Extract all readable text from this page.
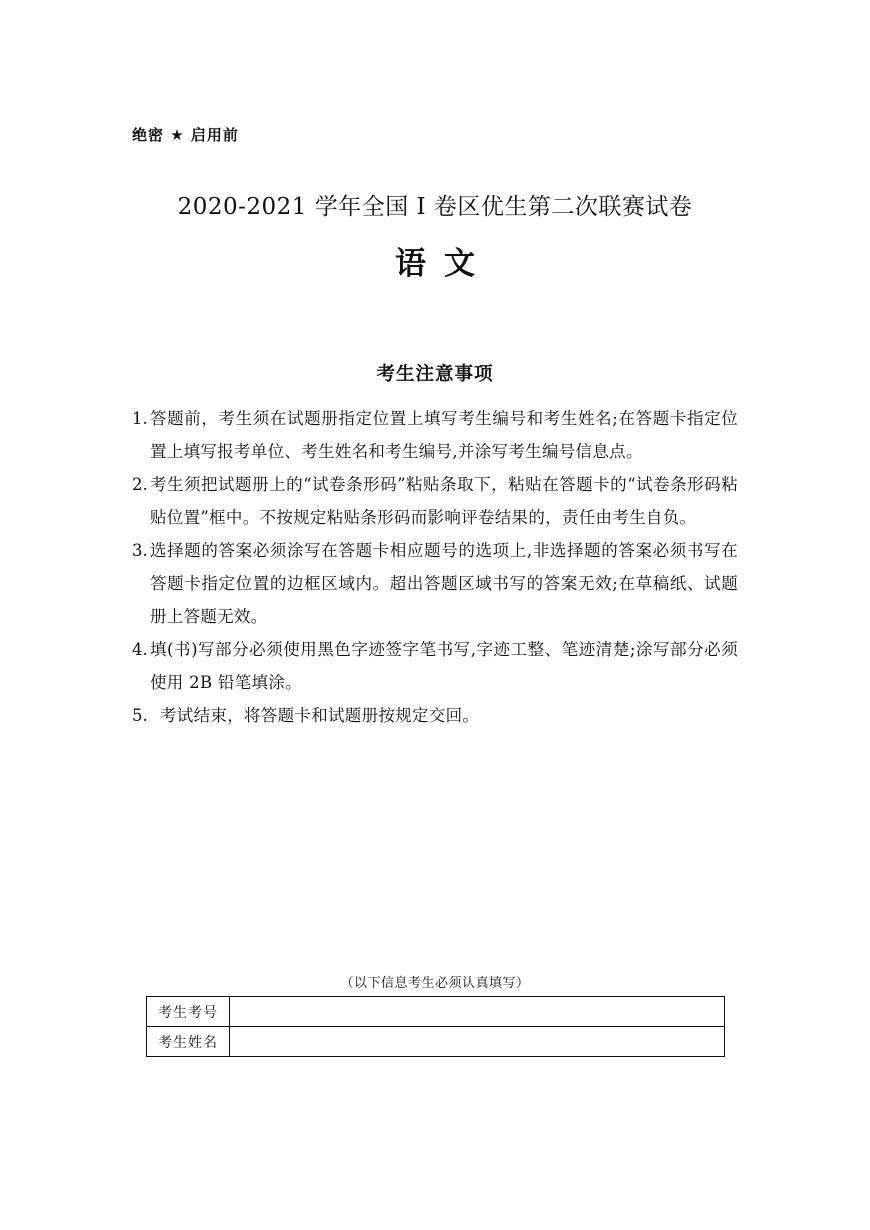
绝密 ★ 启用前
2020-2021 学年全国 I 卷区优生第二次联赛试卷
语文
考生注意事项
1. 答题前，考生须在试题册指定位置上填写考生编号和考生姓名;在答题卡指定位置上填写报考单位、考生姓名和考生编号,并涂写考生编号信息点。
2. 考生须把试题册上的“试卷条形码”粘贴条取下，粘贴在答题卡的“试卷条形码粘贴位置”框中。不按规定粘贴条形码而影响评卷结果的，责任由考生自负。
3. 选择题的答案必须涂写在答题卡相应题号的选项上,非选择题的答案必须书写在答题卡指定位置的边框区域内。超出答题区域书写的答案无效;在草稿纸、试题册上答题无效。
4. 填(书)写部分必须使用黑色字迹签字笔书写,字迹工整、笔迹清楚;涂写部分必须使用 2B 铅笔填涂。
5. 考试结束，将答题卡和试题册按规定交回。
（以下信息考生必须认真填写）
考生考号	
考生姓名	
